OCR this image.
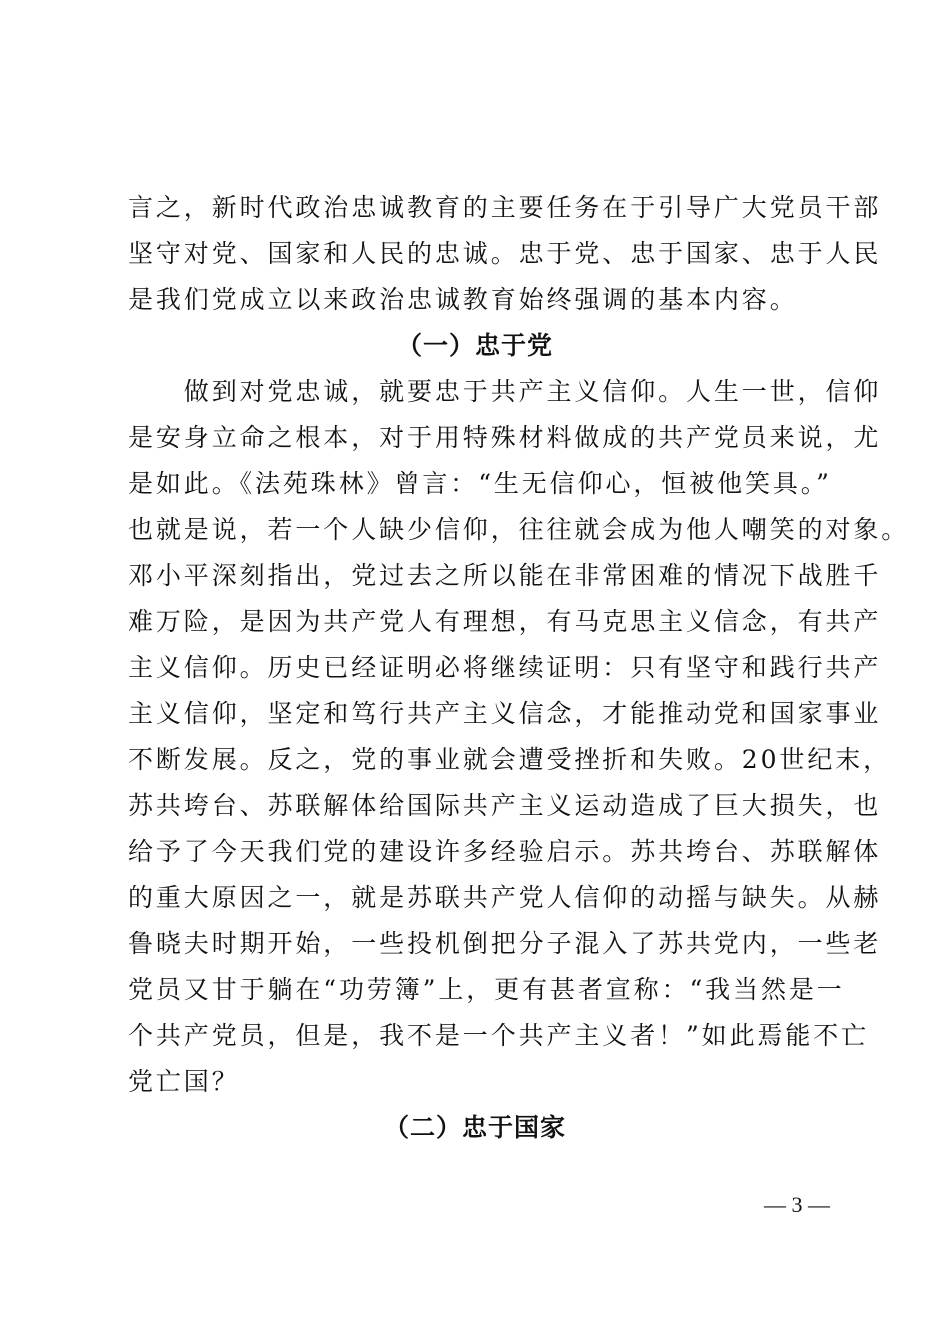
言之，新时代政治忠诚教育的主要任务在于引导广大党员干部
坚守对党、国家和人民的忠诚。忠于党、忠于国家、忠于人民
是我们党成立以来政治忠诚教育始终强调的基本内容。
（一）忠于党
　　做到对党忠诚，就要忠于共产主义信仰。人生一世，信仰
是安身立命之根本，对于用特殊材料做成的共产党员来说，尤
是如此。《法苑珠林》曾言：“生无信仰心，恒被他笑具。”
也就是说，若一个人缺少信仰，往往就会成为他人嘲笑的对象。
邓小平深刻指出，党过去之所以能在非常困难的情况下战胜千
难万险，是因为共产党人有理想，有马克思主义信念，有共产
主义信仰。历史已经证明必将继续证明：只有坚守和践行共产
主义信仰，坚定和笃行共产主义信念，才能推动党和国家事业
不断发展。反之，党的事业就会遭受挫折和失败。20世纪末，
苏共垮台、苏联解体给国际共产主义运动造成了巨大损失，也
给予了今天我们党的建设许多经验启示。苏共垮台、苏联解体
的重大原因之一，就是苏联共产党人信仰的动摇与缺失。从赫
鲁晓夫时期开始，一些投机倒把分子混入了苏共党内，一些老
党员又甘于躺在“功劳簿”上，更有甚者宣称：“我当然是一
个共产党员，但是，我不是一个共产主义者！”如此焉能不亡
党亡国？
（二）忠于国家
— 3 —
